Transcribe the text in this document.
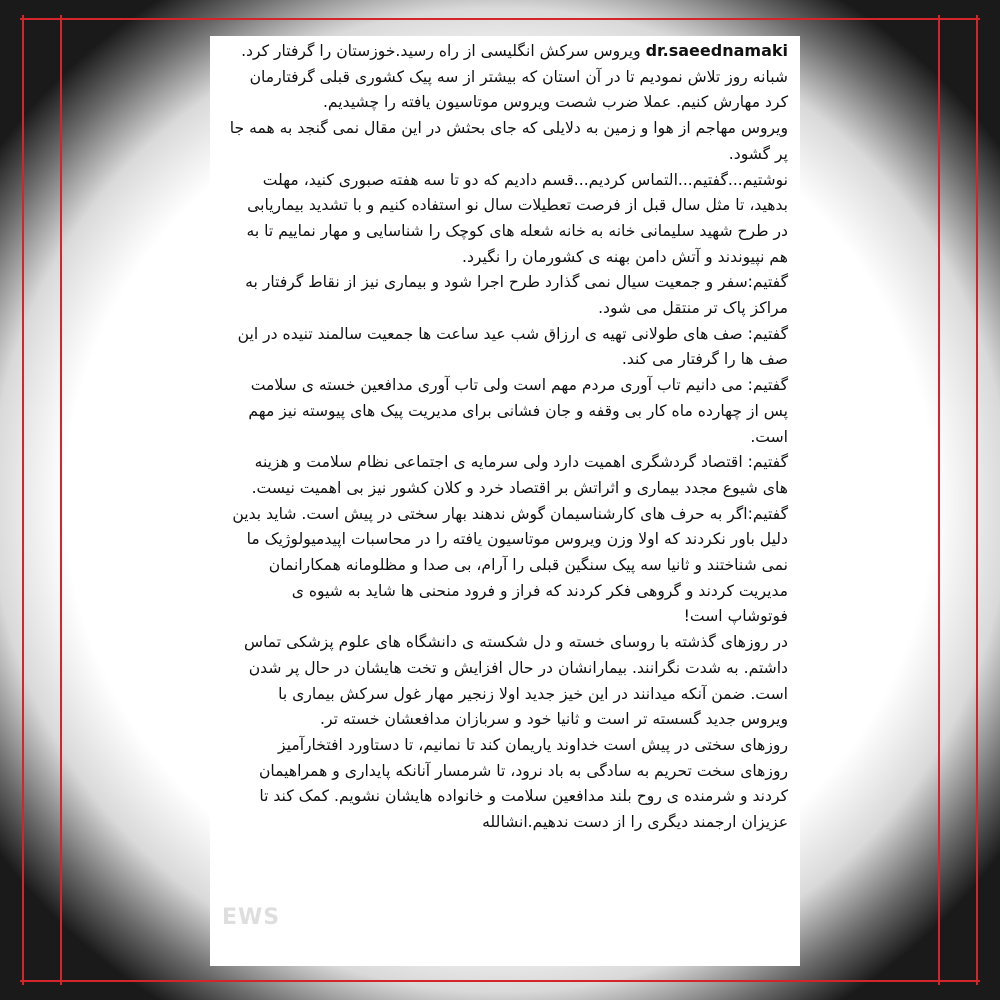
dr.saeednamaki ویروس سرکش انگلیسی از راه رسید.خوزستان را گرفتار کرد. شبانه روز تلاش نمودیم تا در آن استان که بیشتر از سه پیک کشوری قبلی گرفتارمان کرد مهارش کنیم. عملا ضرب شصت ویروس موتاسیون یافته را چشیدیم.

ویروس مهاجم از هوا و زمین به دلایلی که جای بحثش در این مقال نمی گنجد به همه جا پر گشود.

نوشتیم...گفتیم...التماس کردیم...قسم دادیم که دو تا سه هفته صبوری کنید، مهلت بدهید، تا مثل سال قبل از فرصت تعطیلات سال نو استفاده کنیم و با تشدید بیماریابی در طرح شهید سلیمانی خانه به خانه شعله های کوچک را شناسایی و مهار نماییم تا به هم نپیوندند و آتش دامن بهنه ی کشورمان را نگیرد.

گفتیم:سفر و جمعیت سیال نمی گذارد طرح اجرا شود و بیماری نیز از نقاط گرفتار به مراکز پاک تر منتقل می شود.

گفتیم: صف های طولانی تهیه ی ارزاق شب عید ساعت ها جمعیت سالمند تنیده در این صف ها را گرفتار می کند.

گفتیم: می دانیم تاب آوری مردم مهم است ولی تاب آوری مدافعین خسته ی سلامت پس از چهارده ماه کار بی وقفه و جان فشانی برای مدیریت پیک های پیوسته نیز مهم است.

گفتیم: اقتصاد گردشگری اهمیت دارد ولی سرمایه ی اجتماعی نظام سلامت و هزینه های شیوع مجدد بیماری و اثراتش بر اقتصاد خرد و کلان کشور نیز بی اهمیت نیست.

گفتیم:اگر به حرف های کارشناسیمان گوش ندهند بهار سختی در پیش است. شاید بدین دلیل باور نکردند که اولا وزن ویروس موتاسیون یافته را در محاسبات اپیدمیولوژیک ما نمی شناختند و ثانیا سه پیک سنگین قبلی را آرام، بی صدا و مظلومانه همکارانمان مدیریت کردند و گروهی فکر کردند که فراز و فرود منحنی ها شاید به شیوه ی فوتوشاپ است!

در روزهای گذشته با روسای خسته و دل شکسته ی دانشگاه های علوم پزشکی تماس داشتم. به شدت نگرانند. بیمارانشان در حال افزایش و تخت هایشان در حال پر شدن است. ضمن آنکه میدانند در این خیز جدید اولا زنجیر مهار غول سرکش بیماری با ویروس جدید گسسته تر است و ثانیا خود و سربازان مدافعشان خسته تر.

روزهای سختی در پیش است خداوند یاریمان کند تا نمانیم، تا دستاورد افتخارآمیز روزهای سخت تحریم به سادگی به باد نرود، تا شرمسار آنانکه پایداری و همراهیمان کردند و شرمنده ی روح بلند مدافعین سلامت و خانواده هایشان نشویم. کمک کند تا عزیزان ارجمند دیگری را از دست ندهیم.انشالله

EWS
